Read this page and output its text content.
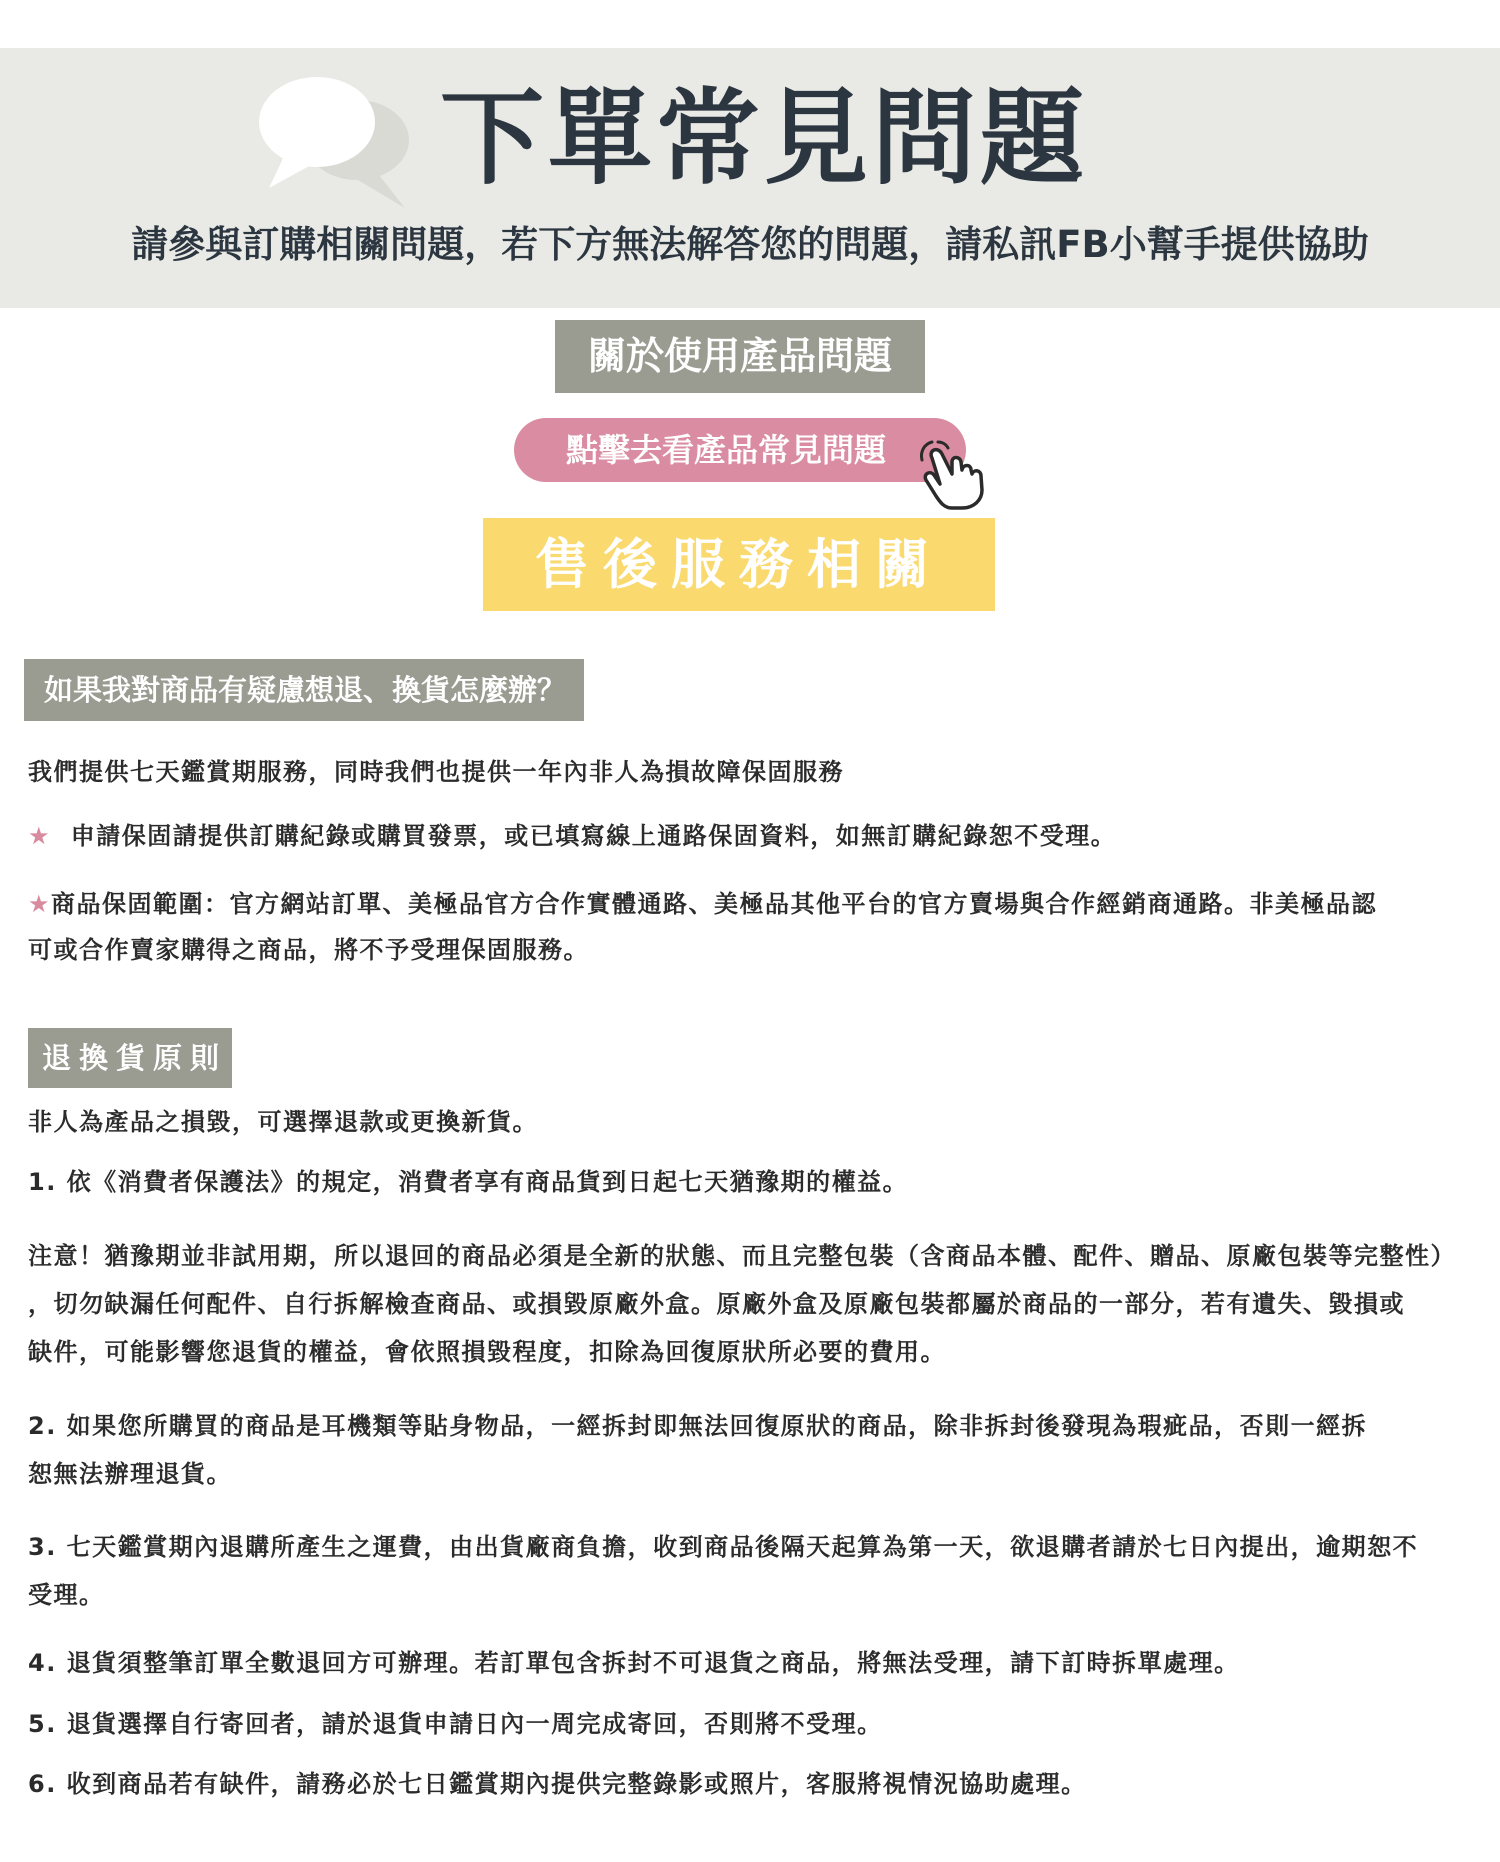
下單常見問題
請參與訂購相關問題，若下方無法解答您的問題，請私訊FB小幫手提供協助
關於使用產品問題
點擊去看產品常見問題
售後服務相關
如果我對商品有疑慮想退、換貨怎麼辦？

我們提供七天鑑賞期服務，同時我們也提供一年內非人為損故障保固服務

★ 申請保固請提供訂購紀錄或購買發票，或已填寫線上通路保固資料，如無訂購紀錄恕不受理。

★商品保固範圍：官方網站訂單、美極品官方合作實體通路、美極品其他平台的官方賣場與合作經銷商通路。非美極品認

可或合作賣家購得之商品，將不予受理保固服務。

退換貨原則

非人為產品之損毀，可選擇退款或更換新貨。

1. 依《消費者保護法》的規定，消費者享有商品貨到日起七天猶豫期的權益。

注意！猶豫期並非試用期，所以退回的商品必須是全新的狀態、而且完整包裝（含商品本體、配件、贈品、原廠包裝等完整性）

，切勿缺漏任何配件、自行拆解檢查商品、或損毀原廠外盒。原廠外盒及原廠包裝都屬於商品的一部分，若有遺失、毀損或

缺件，可能影響您退貨的權益，會依照損毀程度，扣除為回復原狀所必要的費用。

2. 如果您所購買的商品是耳機類等貼身物品，一經拆封即無法回復原狀的商品，除非拆封後發現為瑕疵品，否則一經拆

恕無法辦理退貨。

3. 七天鑑賞期內退購所產生之運費，由出貨廠商負擔，收到商品後隔天起算為第一天，欲退購者請於七日內提出，逾期恕不

受理。

4. 退貨須整筆訂單全數退回方可辦理。若訂單包含拆封不可退貨之商品，將無法受理，請下訂時拆單處理。

5. 退貨選擇自行寄回者，請於退貨申請日內一周完成寄回，否則將不受理。

6. 收到商品若有缺件，請務必於七日鑑賞期內提供完整錄影或照片，客服將視情況協助處理。
